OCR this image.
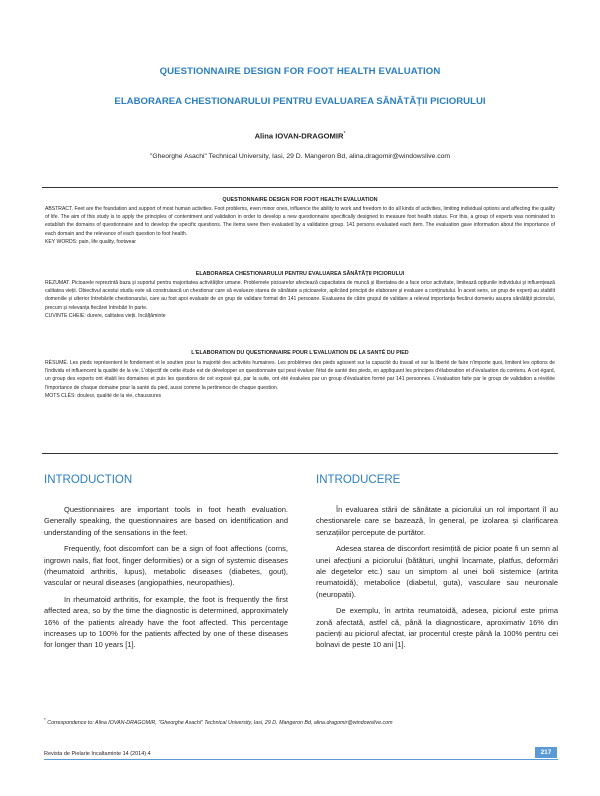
QUESTIONNAIRE DESIGN FOR FOOT HEALTH EVALUATION
ELABORAREA CHESTIONARULUI PENTRU EVALUAREA SĂNĂTĂȚII PICIORULUI
Alina IOVAN-DRAGOMIR*
"Gheorghe Asachi" Technical University, Iasi, 29 D. Mangeron Bd, alina.dragomir@windowslive.com
QUESTIONNAIRE DESIGN FOR FOOT HEALTH EVALUATION
ABSTRACT. Feet are the foundation and support of most human activities. Foot problems, even minor ones, influence the ability to work and freedom to do all kinds of activities, limiting individual options and affecting the quality of life. The aim of this study is to apply the principles of contentment and validation in order to develop a new questionnaire specifically designed to measure foot health status. For this, a group of experts was nominated to establish the domains of questionnaire and to develop the specific questions. The items were then evaluated by a validation group. 141 persons evaluated each item. The evaluation gave information about the importance of each domain and the relevance of each question to foot health.
KEY WORDS: pain, life quality, footwear
ELABORAREA CHESTIONARULUI PENTRU EVALUAREA SĂNĂTĂȚII PICIORULUI
REZUMAT. Picioarele reprezintă baza și suportul pentru majoritatea activităților umane. Problemele picioarelor afectează capacitatea de muncă și libertatea de a face orice activitate, limitează opțiunile individului și influențează calitatea vieții. Obiectivul acestui studiu este să construiască un chestionar care să evalueze starea de sănătate a picioarelor, aplicând principii de elaborare și evaluare a conținutului. În acest sens, un grup de experți au stabilit domeniile și ulterior întrebările chestionarului, care au fost apoi evaluate de un grup de validare format din 141 persoane. Evaluarea de către grupul de validare a relevat importanța fiecărui domeniu asupra sănătății piciorului, precum și relevanța fiecărei întrebări în parte.
CUVINTE CHEIE: durere, calitatea vieții, încălțăminte
L'ELABORATION DU QUESTIONNAIRE POUR L'EVALUATION DE LA SANTÉ DU PIED
RÉSUMÉ. Les pieds représentent le fondement et le soutien pour la majorité des activités humaines. Les problèmes des pieds agissent sur la capacité du travail et sur la liberté de faire n'importe quoi, limitent les options de l'individu et influencent la qualité de la vie. L'objectif de cette étude est de développer un questionnaire qui peut évaluer l'état de santé des pieds, en appliquant les principes d'élaboration et d'évaluation du contenu. A cet égard, un group des experts ont établi les domaines et puis les questions de cet exposé qui, par la suite, ont été évaluées par un group d'évaluation formé par 141 personnes. L'évaluation faite par le group de validation a révélée l'importance de chaque domaine pour la santé du pied, aussi comme la pertinence de chaque question.
MOTS CLÉS: douleur, qualité de la vie, chaussures
INTRODUCTION	INTRODUCERE

Questionnaires are important tools in foot heath evaluation. Generally speaking, the questionnaires are based on identification and understanding of the sensations in the feet.

Frequently, foot discomfort can be a sign of foot affections (corns, ingrown nails, flat foot, finger deformities) or a sign of systemic diseases (rheumatoid arthritis, lupus), metabolic diseases (diabetes, gout), vascular or neural diseases (angiopathies, neuropathies).

In rheumatoid arthritis, for example, the foot is frequently the first affected area, so by the time the diagnostic is determined, approximately 16% of the patients already have the foot affected. This percentage increases up to 100% for the patients affected by one of these diseases for longer than 10 years [1].

În evaluarea stării de sănătate a piciorului un rol important îl au chestionarele care se bazează, în general, pe izolarea și clarificarea senzațiilor percepute de purtător.

Adesea starea de disconfort resimțită de picior poate fi un semn al unei afecțiuni a piciorului (bătături, unghii încarnate, platfus, deformări ale degetelor etc.) sau un simptom al unei boli sistemice (artrita reumatoidă), metabolice (diabetul, guta), vasculare sau neuronale (neuropatii).

De exemplu, în artrita reumatoidă, adesea, piciorul este prima zonă afectată, astfel că, până la diagnosticare, aproximativ 16% din pacienți au piciorul afectat, iar procentul crește până la 100% pentru cei bolnavi de peste 10 ani [1].

* Correspondence to: Alina IOVAN-DRAGOMIR, "Gheorghe Asachi" Technical University, Iasi, 29 D. Mangeron Bd, alina.dragomir@windowslive.com
Revista de Pielarie Incaltaminte 14 (2014) 4	217
